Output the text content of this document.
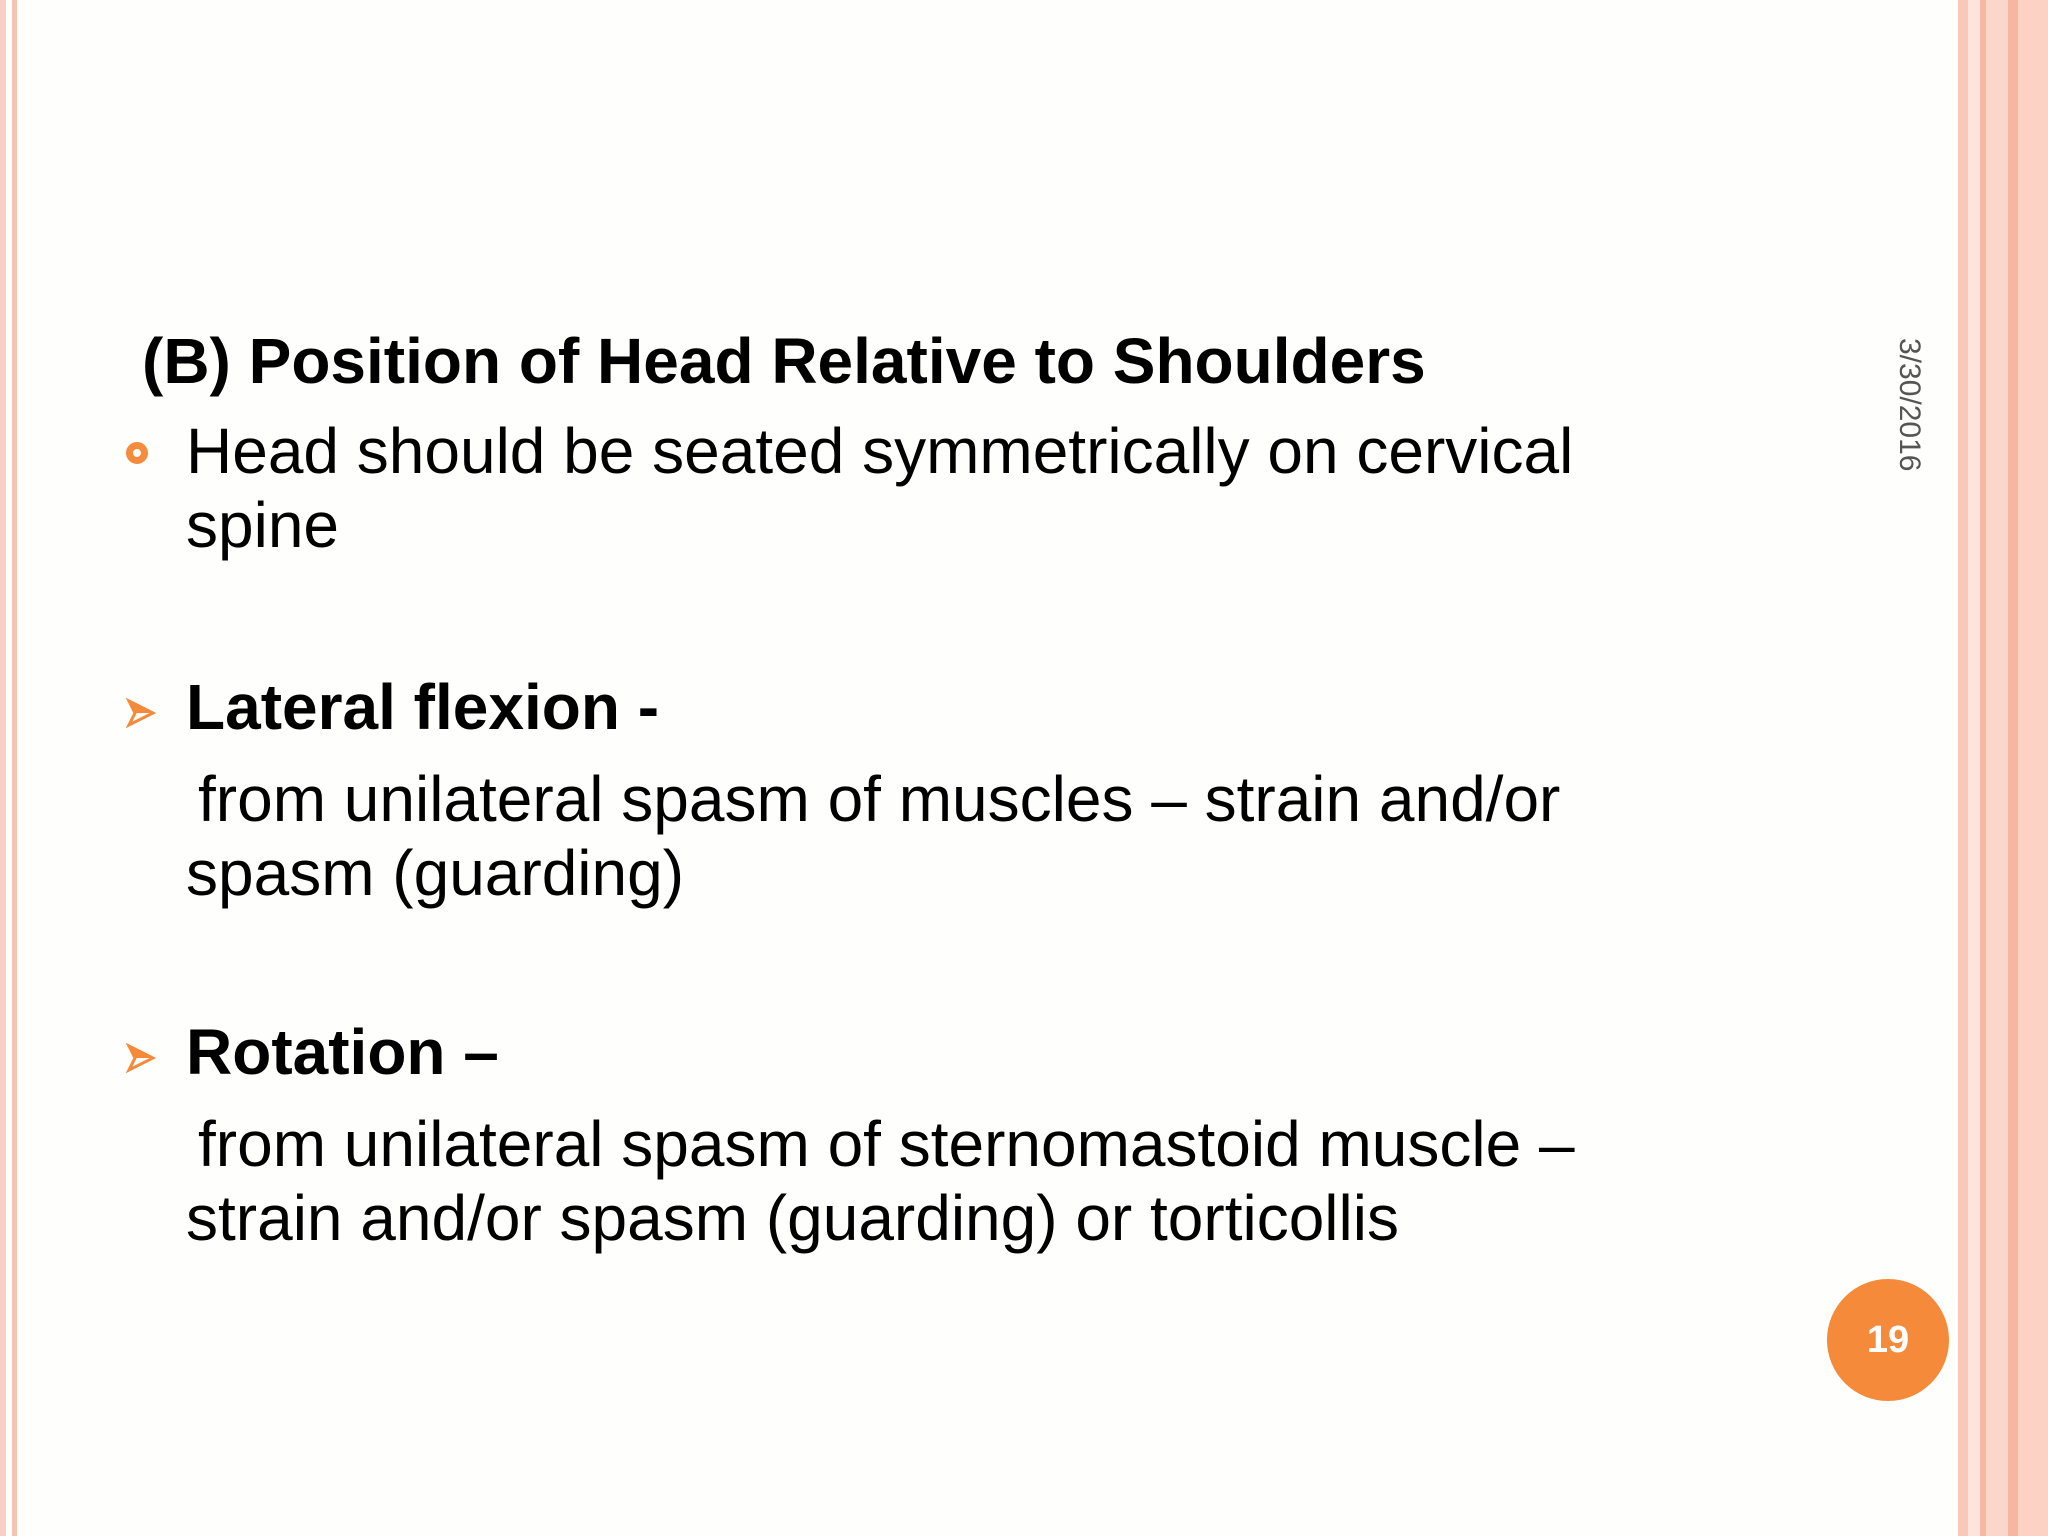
(B) Position of Head Relative to Shoulders
Head should be seated symmetrically on cervical
spine
Lateral flexion -
from unilateral spasm of muscles – strain and/or
spasm (guarding)
Rotation –
from unilateral spasm of sternomastoid muscle –
strain and/or spasm (guarding) or torticollis
3/30/2016
19
